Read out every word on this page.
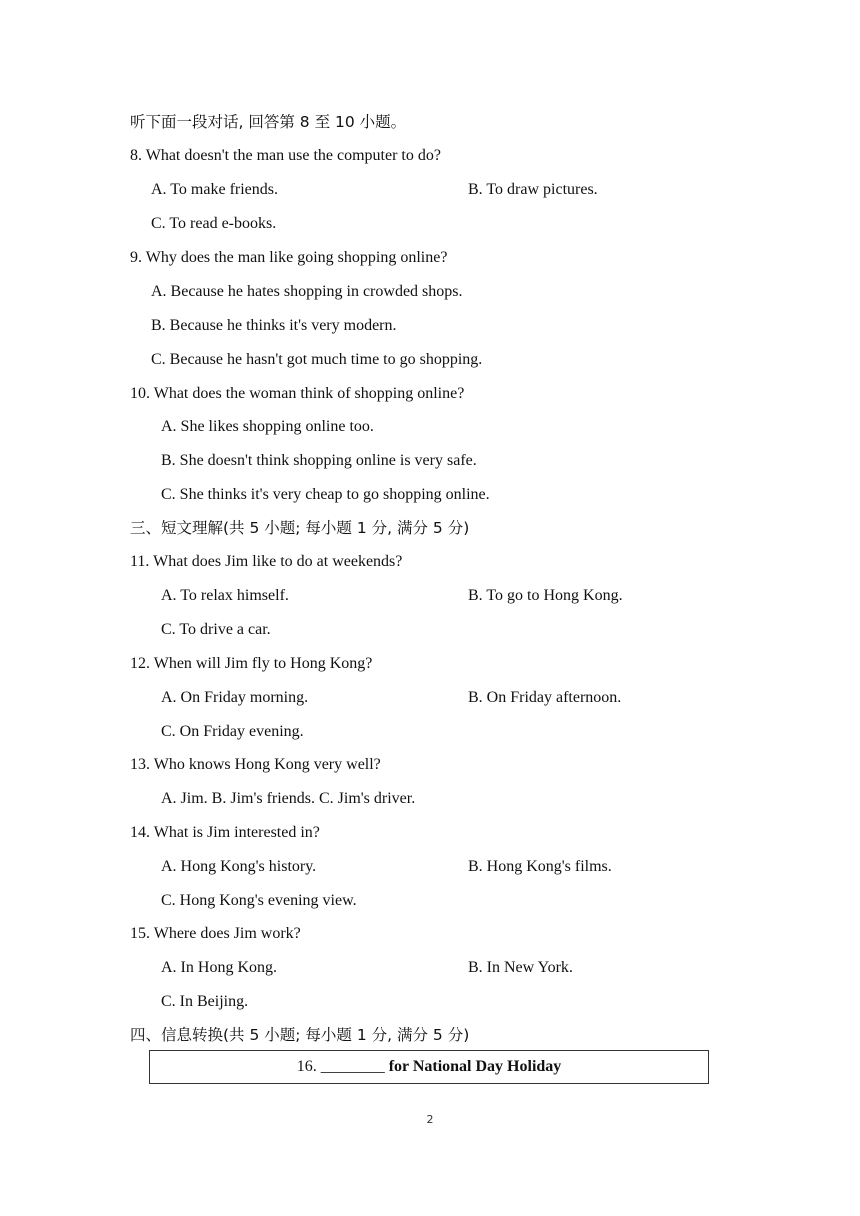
听下面一段对话, 回答第 8 至 10 小题。
8. What doesn't the man use the computer to do?
A. To make friends.	B. To draw pictures.
C. To read e-books.
9. Why does the man like going shopping online?
A. Because he hates shopping in crowded shops.
B. Because he thinks it's very modern.
C. Because he hasn't got much time to go shopping.
10. What does the woman think of shopping online?
A. She likes shopping online too.
B. She doesn't think shopping online is very safe.
C. She thinks it's very cheap to go shopping online.
三、短文理解(共 5 小题; 每小题 1 分, 满分 5 分)
11. What does Jim like to do at weekends?
A. To relax himself.	B. To go to Hong Kong.
C. To drive a car.
12. When will Jim fly to Hong Kong?
A. On Friday morning.	B. On Friday afternoon.
C. On Friday evening.
13. Who knows Hong Kong very well?
A. Jim. B. Jim's friends. C. Jim's driver.
14. What is Jim interested in?
A. Hong Kong's history.	B. Hong Kong's films.
C. Hong Kong's evening view.
15. Where does Jim work?
A. In Hong Kong.	B. In New York.
C. In Beijing.
四、信息转换(共 5 小题; 每小题 1 分, 满分 5 分)
16. ________ for National Day Holiday
2
